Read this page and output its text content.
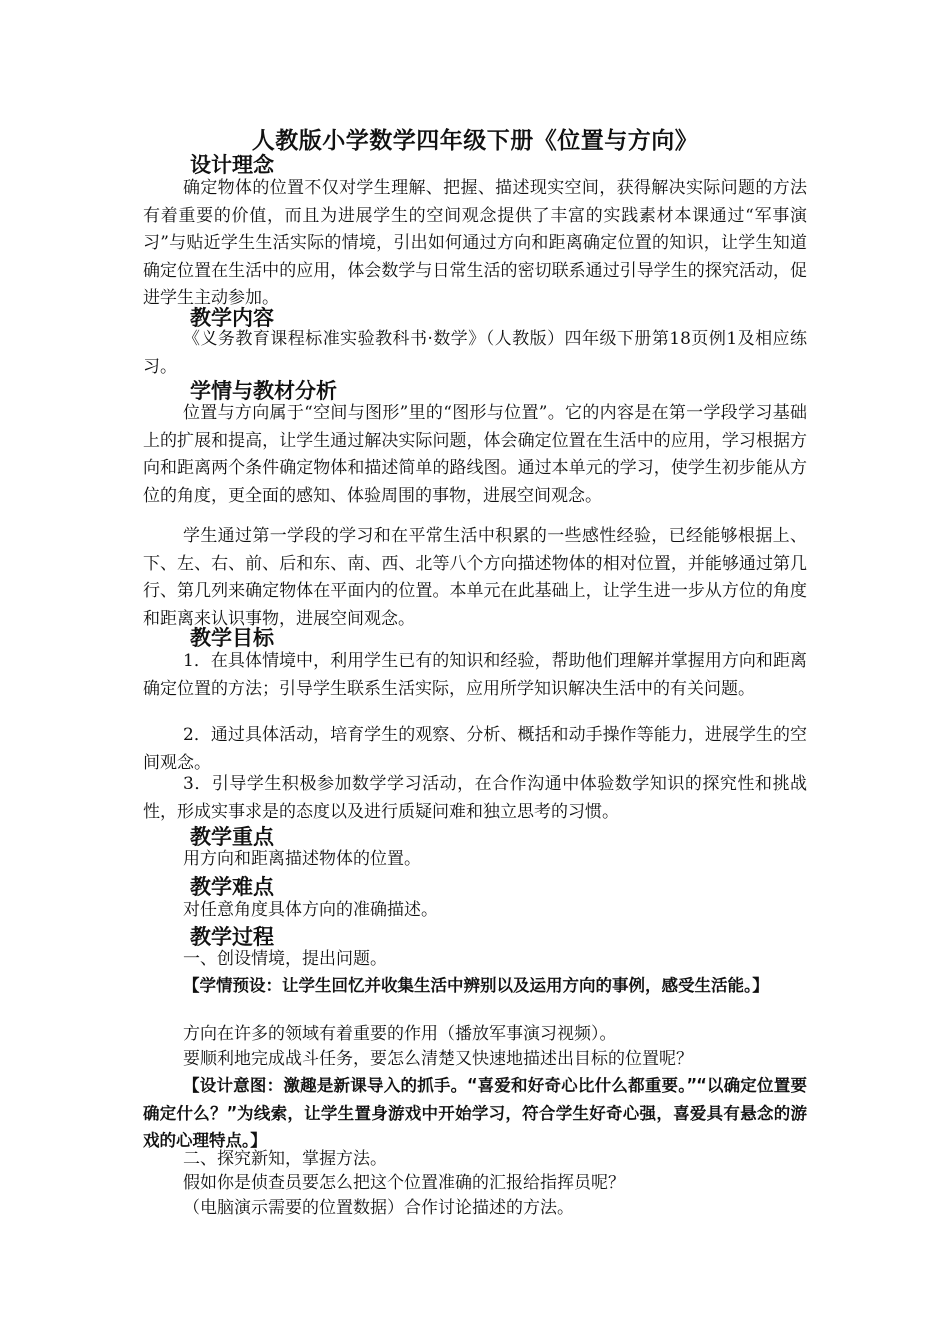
人教版小学数学四年级下册《位置与方向》
设计理念
确定物体的位置不仅对学生理解、把握、描述现实空间，获得解决实际问题的方法有着重要的价值，而且为进展学生的空间观念提供了丰富的实践素材本课通过“军事演习”与贴近学生生活实际的情境，引出如何通过方向和距离确定位置的知识，让学生知道确定位置在生活中的应用，体会数学与日常生活的密切联系通过引导学生的探究活动，促进学生主动参加。
教学内容
《义务教育课程标准实验教科书·数学》（人教版）四年级下册第18页例1及相应练习。
学情与教材分析
位置与方向属于“空间与图形”里的“图形与位置”。它的内容是在第一学段学习基础上的扩展和提高，让学生通过解决实际问题，体会确定位置在生活中的应用，学习根据方向和距离两个条件确定物体和描述简单的路线图。通过本单元的学习，使学生初步能从方位的角度，更全面的感知、体验周围的事物，进展空间观念。
学生通过第一学段的学习和在平常生活中积累的一些感性经验，已经能够根据上、下、左、右、前、后和东、南、西、北等八个方向描述物体的相对位置，并能够通过第几行、第几列来确定物体在平面内的位置。本单元在此基础上，让学生进一步从方位的角度和距离来认识事物，进展空间观念。
教学目标
1．在具体情境中，利用学生已有的知识和经验，帮助他们理解并掌握用方向和距离确定位置的方法；引导学生联系生活实际，应用所学知识解决生活中的有关问题。
2．通过具体活动，培育学生的观察、分析、概括和动手操作等能力，进展学生的空间观念。
3．引导学生积极参加数学学习活动，在合作沟通中体验数学知识的探究性和挑战性，形成实事求是的态度以及进行质疑问难和独立思考的习惯。
教学重点
用方向和距离描述物体的位置。
教学难点
对任意角度具体方向的准确描述。
教学过程
一、创设情境，提出问题。
【学情预设：让学生回忆并收集生活中辨别以及运用方向的事例，感受生活能。】
方向在许多的领域有着重要的作用（播放军事演习视频）。
要顺利地完成战斗任务，要怎么清楚又快速地描述出目标的位置呢？
【设计意图：激趣是新课导入的抓手。“喜爱和好奇心比什么都重要。”“以确定位置要确定什么？”为线索，让学生置身游戏中开始学习，符合学生好奇心强，喜爱具有悬念的游戏的心理特点。】
二、探究新知，掌握方法。
假如你是侦查员要怎么把这个位置准确的汇报给指挥员呢？
（电脑演示需要的位置数据）合作讨论描述的方法。
